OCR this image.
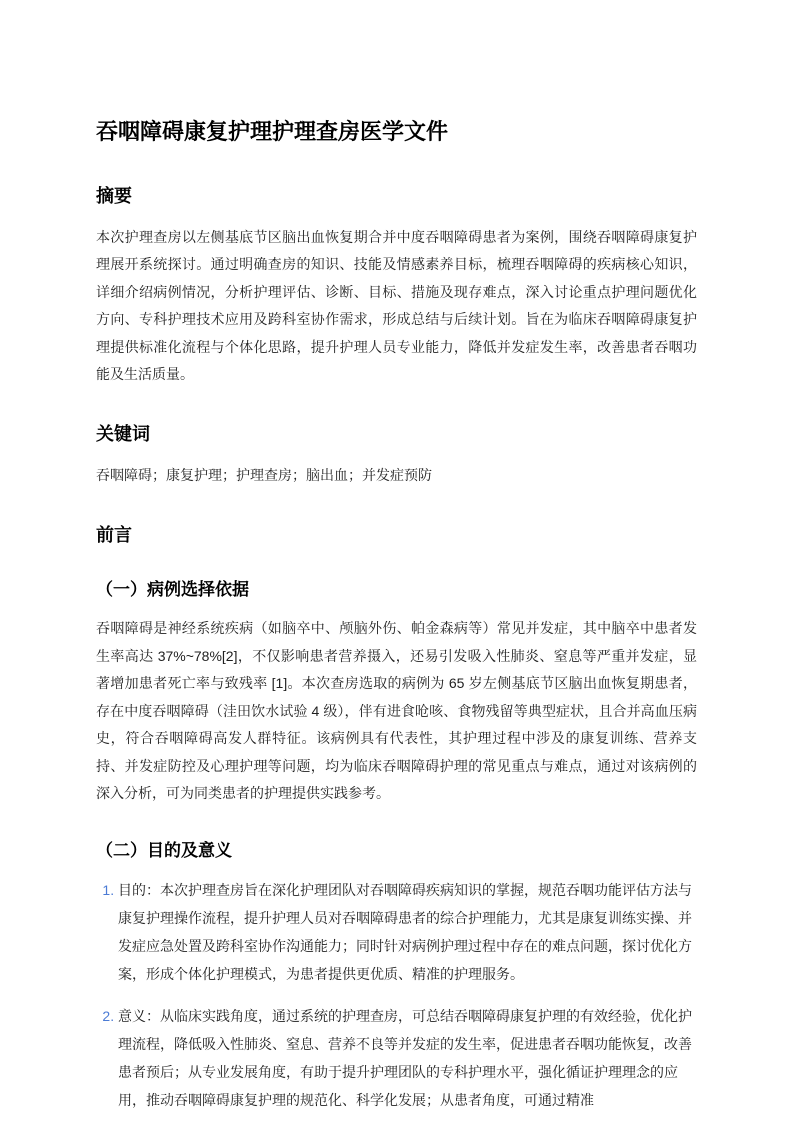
吞咽障碍康复护理护理查房医学文件
摘要

本次护理查房以左侧基底节区脑出血恢复期合并中度吞咽障碍患者为案例，围绕吞咽障碍康复护理展开系统探讨。通过明确查房的知识、技能及情感素养目标，梳理吞咽障碍的疾病核心知识，详细介绍病例情况，分析护理评估、诊断、目标、措施及现存难点，深入讨论重点护理问题优化方向、专科护理技术应用及跨科室协作需求，形成总结与后续计划。旨在为临床吞咽障碍康复护理提供标准化流程与个体化思路，提升护理人员专业能力，降低并发症发生率，改善患者吞咽功能及生活质量。

关键词

吞咽障碍；康复护理；护理查房；脑出血；并发症预防

前言
（一）病例选择依据

吞咽障碍是神经系统疾病（如脑卒中、颅脑外伤、帕金森病等）常见并发症，其中脑卒中患者发生率高达 37%~78%[2]，不仅影响患者营养摄入，还易引发吸入性肺炎、窒息等严重并发症，显著增加患者死亡率与致残率 [1]。本次查房选取的病例为 65 岁左侧基底节区脑出血恢复期患者，存在中度吞咽障碍（洼田饮水试验 4 级），伴有进食呛咳、食物残留等典型症状，且合并高血压病史，符合吞咽障碍高发人群特征。该病例具有代表性，其护理过程中涉及的康复训练、营养支持、并发症防控及心理护理等问题，均为临床吞咽障碍护理的常见重点与难点，通过对该病例的深入分析，可为同类患者的护理提供实践参考。

（二）目的及意义
1. 目的：本次护理查房旨在深化护理团队对吞咽障碍疾病知识的掌握，规范吞咽功能评估方法与康复护理操作流程，提升护理人员对吞咽障碍患者的综合护理能力，尤其是康复训练实操、并发症应急处置及跨科室协作沟通能力；同时针对病例护理过程中存在的难点问题，探讨优化方案，形成个体化护理模式，为患者提供更优质、精准的护理服务。
2. 意义：从临床实践角度，通过系统的护理查房，可总结吞咽障碍康复护理的有效经验，优化护理流程，降低吸入性肺炎、窒息、营养不良等并发症的发生率，促进患者吞咽功能恢复，改善患者预后；从专业发展角度，有助于提升护理团队的专科护理水平，强化循证护理理念的应用，推动吞咽障碍康复护理的规范化、科学化发展；从患者角度，可通过精准
